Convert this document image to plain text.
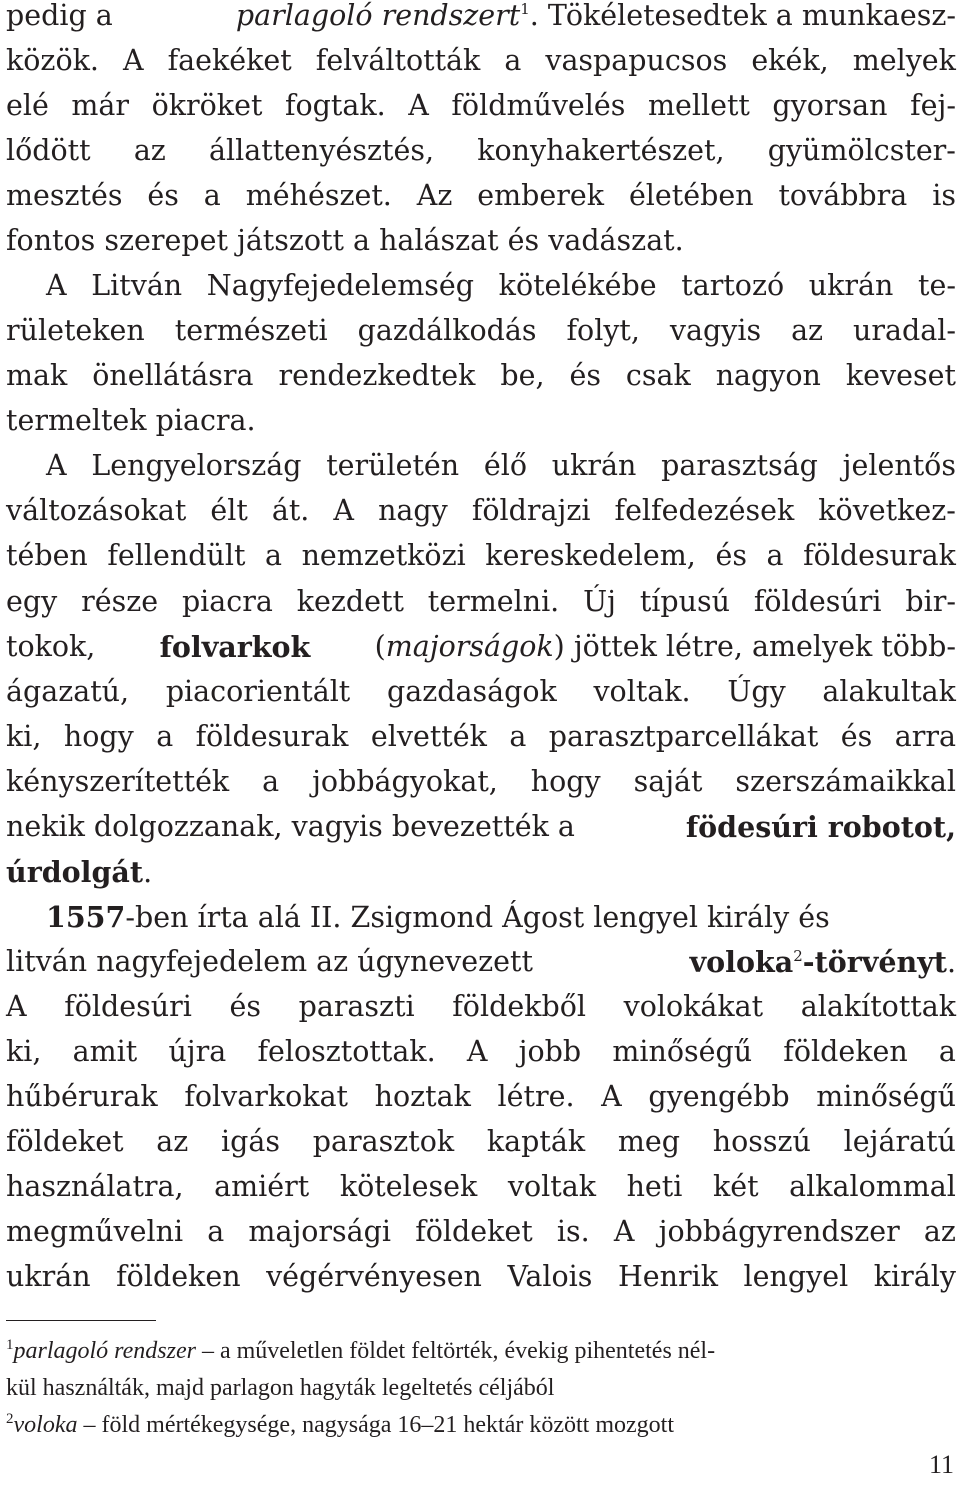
pedig a	parlagoló rendszert$^1$. Tökéletesedtek a munkaesz-
közök. A faekéket felváltották a vaspapucsos ekék, melyek
elé már ökröket fogtak. A földművelés mellett gyorsan fej-
lődött az állattenyésztés, konyhakertészet, gyümölcster-
mesztés és a méhészet. Az emberek életében továbbra is
fontos szerepet játszott a halászat és vadászat.
A Litván Nagyfejedelemség kötelékébe tartozó ukrán te-
rületeken természeti gazdálkodás folyt, vagyis az uradal-
mak önellátásra rendezkedtek be, és csak nagyon keveset
termeltek piacra.
A Lengyelország területén élő ukrán parasztság jelentős
változásokat élt át. A nagy földrajzi felfedezések következ-
tében fellendült a nemzetközi kereskedelem, és a földesurak
egy része piacra kezdett termelni. Új típusú földesúri bir-
tokok, folvarkok (majorságok) jöttek létre, amelyek több-
ágazatú, piacorientált gazdaságok voltak. Úgy alakultak
ki, hogy a földesurak elvették a parasztparcellákat és arra
kényszerítették a jobbágyokat, hogy saját szerszámaikkal
nekik dolgozzanak, vagyis bevezették a	födesúri robotot,
úrdolgát.
1557-ben írta alá II. Zsigmond Ágost lengyel király és
litván nagyfejedelem az úgynevezett	voloka$^2$-törvényt.
A földesúri és paraszti földekből volokákat alakítottak
ki, amit újra felosztottak. A jobb minőségű földeken a
hűbérurak folvarkokat hoztak létre. A gyengébb minőségű
földeket az igás parasztok kapták meg hosszú lejáratú
használatra, amiért kötelesek voltak heti két alkalommal
megművelni a majorsági földeket is. A jobbágyrendszer az
ukrán földeken végérvényesen Valois Henrik lengyel király
$^1$parlagoló rendszer – a műveletlen földet feltörték, évekig pihentetés nél-
kül használták, majd parlagon hagyták legeltetés céljából
$^2$voloka – föld mértékegysége, nagysága 16–21 hektár között mozgott
11
